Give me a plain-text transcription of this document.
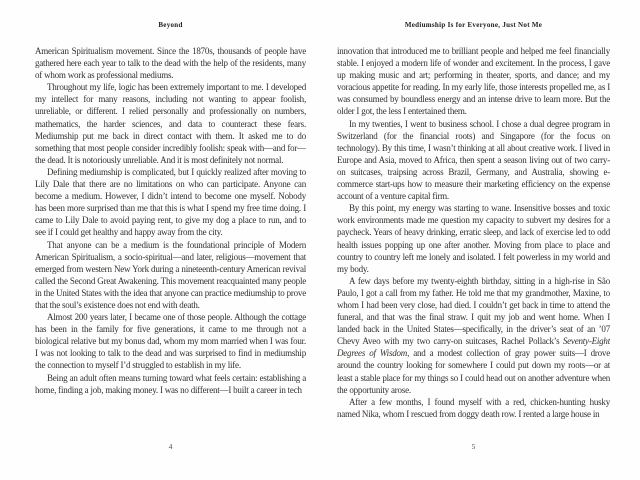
Beyond

American Spiritualism movement. Since the 1870s, thousands of people have gathered here each year to talk to the dead with the help of the residents, many of whom work as professional mediums.

Throughout my life, logic has been extremely important to me. I developed my intellect for many reasons, including not wanting to appear foolish, unreliable, or different. I relied personally and professionally on numbers, mathematics, the harder sciences, and data to counteract these fears. Mediumship put me back in direct contact with them. It asked me to do something that most people consider incredibly foolish: speak with—and for—the dead. It is notoriously unreliable. And it is most definitely not normal.

Defining mediumship is complicated, but I quickly realized after moving to Lily Dale that there are no limitations on who can participate. Anyone can become a medium. However, I didn’t intend to become one myself. Nobody has been more surprised than me that this is what I spend my free time doing. I came to Lily Dale to avoid paying rent, to give my dog a place to run, and to see if I could get healthy and happy away from the city.

That anyone can be a medium is the foundational principle of Modern American Spiritualism, a socio-spiritual—and later, religious—movement that emerged from western New York during a nineteenth-century American revival called the Second Great Awakening. This movement reacquainted many people in the United States with the idea that anyone can practice mediumship to prove that the soul’s existence does not end with death.

Almost 200 years later, I became one of those people. Although the cottage has been in the family for five generations, it came to me through not a biological relative but my bonus dad, whom my mom married when I was four. I was not looking to talk to the dead and was surprised to find in mediumship the connection to myself I’d struggled to establish in my life.

Being an adult often means turning toward what feels certain: establishing a home, finding a job, making money. I was no different—I built a career in tech

4
Mediumship Is for Everyone, Just Not Me

innovation that introduced me to brilliant people and helped me feel financially stable. I enjoyed a modern life of wonder and excitement. In the process, I gave up making music and art; performing in theater, sports, and dance; and my voracious appetite for reading. In my early life, those interests propelled me, as I was consumed by boundless energy and an intense drive to learn more. But the older I got, the less I entertained them.

In my twenties, I went to business school. I chose a dual degree program in Switzerland (for the financial roots) and Singapore (for the focus on technology). By this time, I wasn’t thinking at all about creative work. I lived in Europe and Asia, moved to Africa, then spent a season living out of two carry-on suitcases, traipsing across Brazil, Germany, and Australia, showing e-commerce start-ups how to measure their marketing efficiency on the expense account of a venture capital firm.

By this point, my energy was starting to wane. Insensitive bosses and toxic work environments made me question my capacity to subvert my desires for a paycheck. Years of heavy drinking, erratic sleep, and lack of exercise led to odd health issues popping up one after another. Moving from place to place and country to country left me lonely and isolated. I felt powerless in my world and my body.

A few days before my twenty-eighth birthday, sitting in a high-rise in São Paulo, I got a call from my father. He told me that my grandmother, Maxine, to whom I had been very close, had died. I couldn’t get back in time to attend the funeral, and that was the final straw. I quit my job and went home. When I landed back in the United States—specifically, in the driver’s seat of an ’07 Chevy Aveo with my two carry-on suitcases, Rachel Pollack’s Seventy-Eight Degrees of Wisdom, and a modest collection of gray power suits—I drove around the country looking for somewhere I could put down my roots—or at least a stable place for my things so I could head out on another adventure when the opportunity arose.

After a few months, I found myself with a red, chicken-hunting husky named Nika, whom I rescued from doggy death row. I rented a large house in

5
